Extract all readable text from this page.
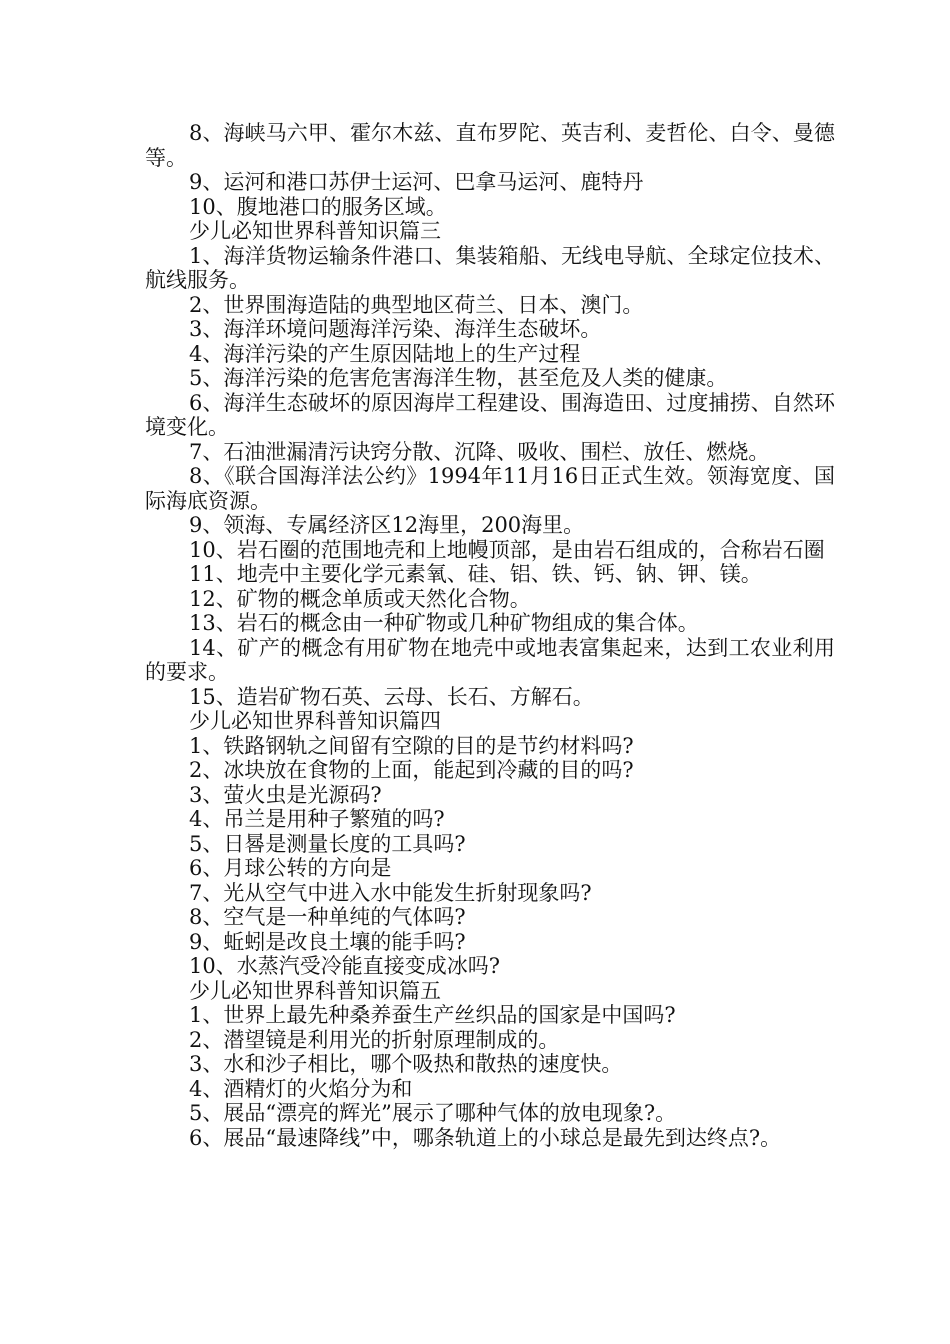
8、海峡马六甲、霍尔木兹、直布罗陀、英吉利、麦哲伦、白令、曼德等。

9、运河和港口苏伊士运河、巴拿马运河、鹿特丹

10、腹地港口的服务区域。

少儿必知世界科普知识篇三

1、海洋货物运输条件港口、集装箱船、无线电导航、全球定位技术、航线服务。

2、世界围海造陆的典型地区荷兰、日本、澳门。

3、海洋环境问题海洋污染、海洋生态破坏。

4、海洋污染的产生原因陆地上的生产过程

5、海洋污染的危害危害海洋生物，甚至危及人类的健康。

6、海洋生态破坏的原因海岸工程建设、围海造田、过度捕捞、自然环境变化。

7、石油泄漏清污诀窍分散、沉降、吸收、围栏、放任、燃烧。

8、《联合国海洋法公约》1994年11月16日正式生效。领海宽度、国际海底资源。

9、领海、专属经济区12海里，200海里。

10、岩石圈的范围地壳和上地幔顶部，是由岩石组成的，合称岩石圈

11、地壳中主要化学元素氧、硅、铝、铁、钙、钠、钾、镁。

12、矿物的概念单质或天然化合物。

13、岩石的概念由一种矿物或几种矿物组成的集合体。

14、矿产的概念有用矿物在地壳中或地表富集起来，达到工农业利用的要求。

15、造岩矿物石英、云母、长石、方解石。

少儿必知世界科普知识篇四

1、铁路钢轨之间留有空隙的目的是节约材料吗?

2、冰块放在食物的上面，能起到冷藏的目的吗?

3、萤火虫是光源码?

4、吊兰是用种子繁殖的吗?

5、日晷是测量长度的工具吗?

6、月球公转的方向是

7、光从空气中进入水中能发生折射现象吗?

8、空气是一种单纯的气体吗?

9、蚯蚓是改良土壤的能手吗?

10、水蒸汽受冷能直接变成冰吗?

少儿必知世界科普知识篇五

1、世界上最先种桑养蚕生产丝织品的国家是中国吗?

2、潜望镜是利用光的折射原理制成的。

3、水和沙子相比，哪个吸热和散热的速度快。

4、酒精灯的火焰分为和

5、展品“漂亮的辉光”展示了哪种气体的放电现象?。

6、展品“最速降线”中，哪条轨道上的小球总是最先到达终点?。
